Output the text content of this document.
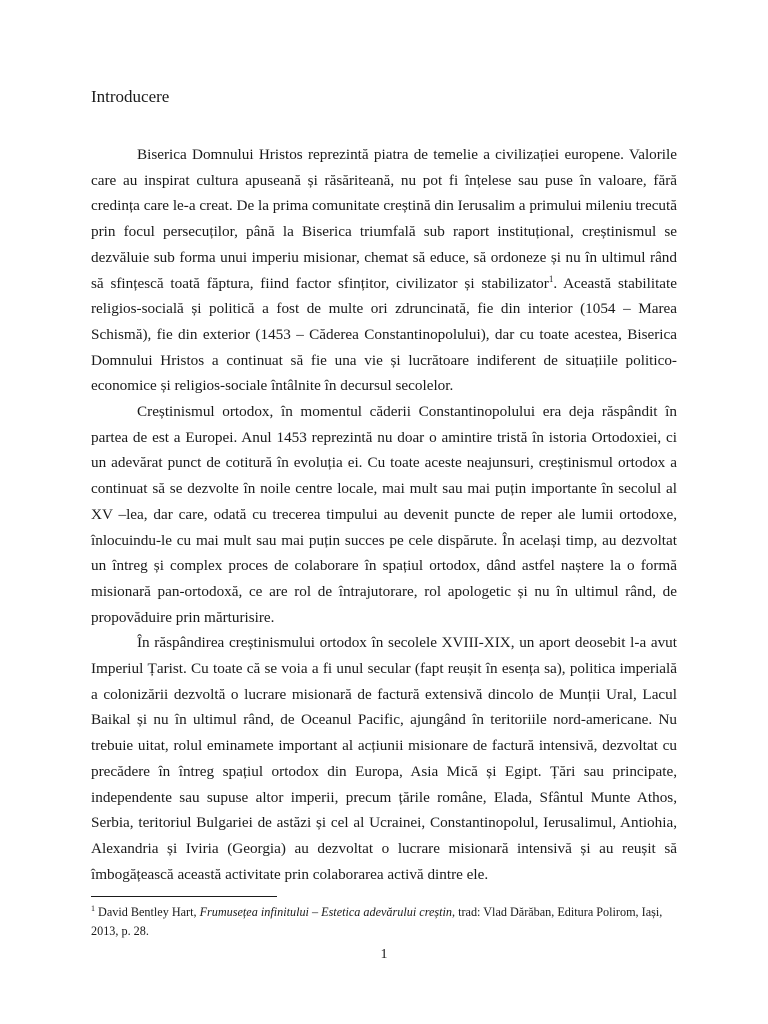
Introducere

Biserica Domnului Hristos reprezintă piatra de temelie a civilizației europene. Valorile care au inspirat cultura apuseană și răsăriteană, nu pot fi înțelese sau puse în valoare, fără credința care le-a creat. De la prima comunitate creștină din Ierusalim a primului mileniu trecută prin focul persecuților, până la Biserica triumfală sub raport instituțional, creștinismul se dezvăluie sub forma unui imperiu misionar, chemat să educe, să ordoneze și nu în ultimul rând să sfințescă toată făptura, fiind factor sfințitor, civilizator și stabilizator$^1$. Această stabilitate religios-socială și politică a fost de multe ori zdruncinată, fie din interior (1054 – Marea Schismă), fie din exterior (1453 – Căderea Constantinopolului), dar cu toate acestea, Biserica Domnului Hristos a continuat să fie una vie și lucrătoare indiferent de situațiile politico-economice și religios-sociale întâlnite în decursul secolelor.

Creștinismul ortodox, în momentul căderii Constantinopolului era deja răspândit în partea de est a Europei. Anul 1453 reprezintă nu doar o amintire tristă în istoria Ortodoxiei, ci un adevărat punct de cotitură în evoluția ei. Cu toate aceste neajunsuri, creștinismul ortodox a continuat să se dezvolte în noile centre locale, mai mult sau mai puțin importante în secolul al XV –lea, dar care, odată cu trecerea timpului au devenit puncte de reper ale lumii ortodoxe, înlocuindu-le cu mai mult sau mai puțin succes pe cele dispărute. În același timp, au dezvoltat un întreg și complex proces de colaborare în spațiul ortodox, dând astfel naștere la o formă misionară pan-ortodoxă, ce are rol de întrajutorare, rol apologetic și nu în ultimul rând, de propovăduire prin mărturisire.

În răspândirea creștinismului ortodox în secolele XVIII-XIX, un aport deosebit l-a avut Imperiul Țarist. Cu toate că se voia a fi unul secular (fapt reușit în esența sa), politica imperială a colonizării dezvoltă o lucrare misionară de factură extensivă dincolo de Munții Ural, Lacul Baikal și nu în ultimul rând, de Oceanul Pacific, ajungând în teritoriile nord-americane. Nu trebuie uitat, rolul eminamete important al acțiunii misionare de factură intensivă, dezvoltat cu precădere în întreg spațiul ortodox din Europa, Asia Mică și Egipt. Țări sau principate, independente sau supuse altor imperii, precum țările române, Elada, Sfântul Munte Athos, Serbia, teritoriul Bulgariei de astăzi și cel al Ucrainei, Constantinopolul, Ierusalimul, Antiohia, Alexandria și Iviria (Georgia) au dezvoltat o lucrare misionară intensivă și au reușit să îmbogățească această activitate prin colaborarea activă dintre ele.

$^1$ David Bentley Hart, Frumusețea infinitului – Estetica adevărului creștin, trad: Vlad Dărăban, Editura Polirom, Iași, 2013, p. 28.
1
